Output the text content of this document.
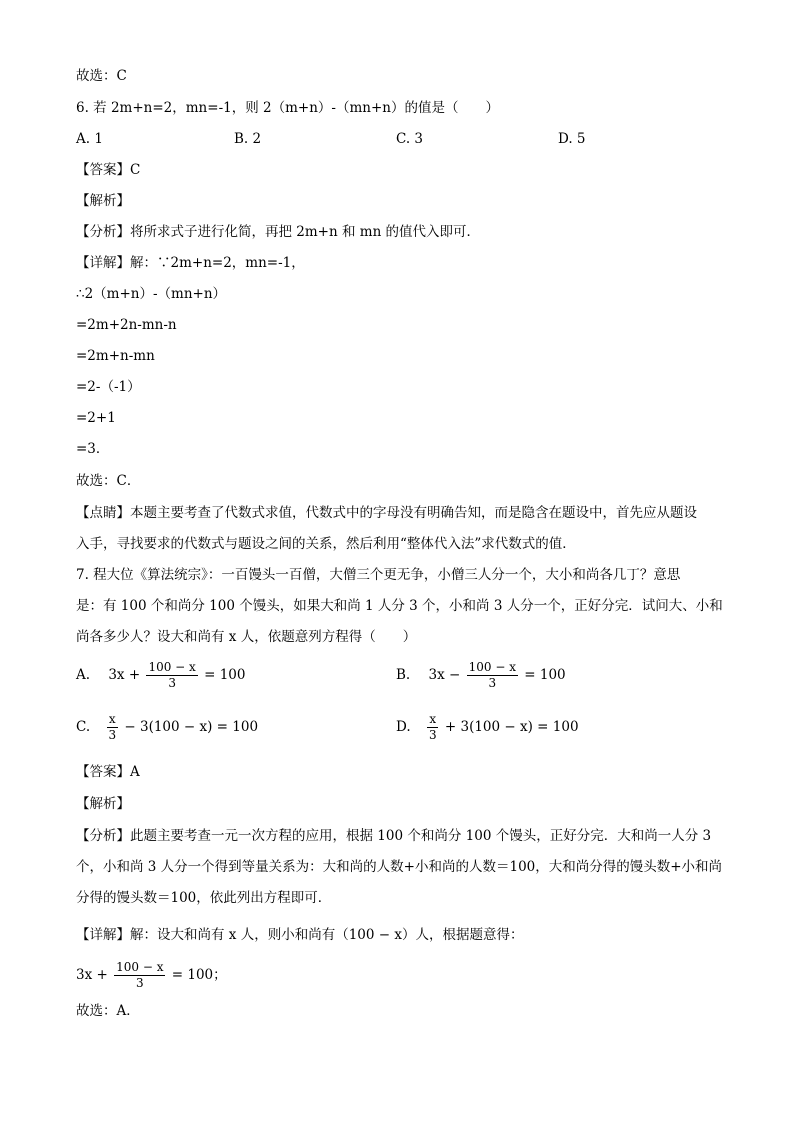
故选：C
6. 若 2m+n=2，mn=-1，则 2（m+n）-（mn+n）的值是（　　）
A. 1	B. 2	C. 3	D. 5
【答案】C
【解析】
【分析】将所求式子进行化简，再把 2m+n 和 mn 的值代入即可．
【详解】解：∵2m+n=2，mn=-1，
∴2（m+n）-（mn+n）
=2m+2n-mn-n
=2m+n-mn
=2-（-1）
=2+1
=3．
故选：C．
【点睛】本题主要考查了代数式求值，代数式中的字母没有明确告知，而是隐含在题设中，首先应从题设
入手，寻找要求的代数式与题设之间的关系，然后利用“整体代入法”求代数式的值．
7. 程大位《算法统宗》：一百馒头一百僧，大僧三个更无争，小僧三人分一个，大小和尚各几丁？意思
是：有 100 个和尚分 100 个馒头，如果大和尚 1 人分 3 个，小和尚 3 人分一个，正好分完．试问大、小和
尚各多少人？设大和尚有 x 人，依题意列方程得（　　）
A. $3x + \frac{100 - x}{3} = 100$	B. $3x - \frac{100 - x}{3} = 100$
C. $\frac{x}{3} - 3(100 - x) = 100$	D. $\frac{x}{3} + 3(100 - x) = 100$
【答案】A
【解析】
【分析】此题主要考查一元一次方程的应用，根据 100 个和尚分 100 个馒头，正好分完．大和尚一人分 3
个，小和尚 3 人分一个得到等量关系为：大和尚的人数+小和尚的人数＝100，大和尚分得的馒头数+小和尚
分得的馒头数＝100，依此列出方程即可．
【详解】解：设大和尚有 x 人，则小和尚有（100 − x）人，根据题意得：
$3x + \frac{100 - x}{3} = 100$；
故选：A．
